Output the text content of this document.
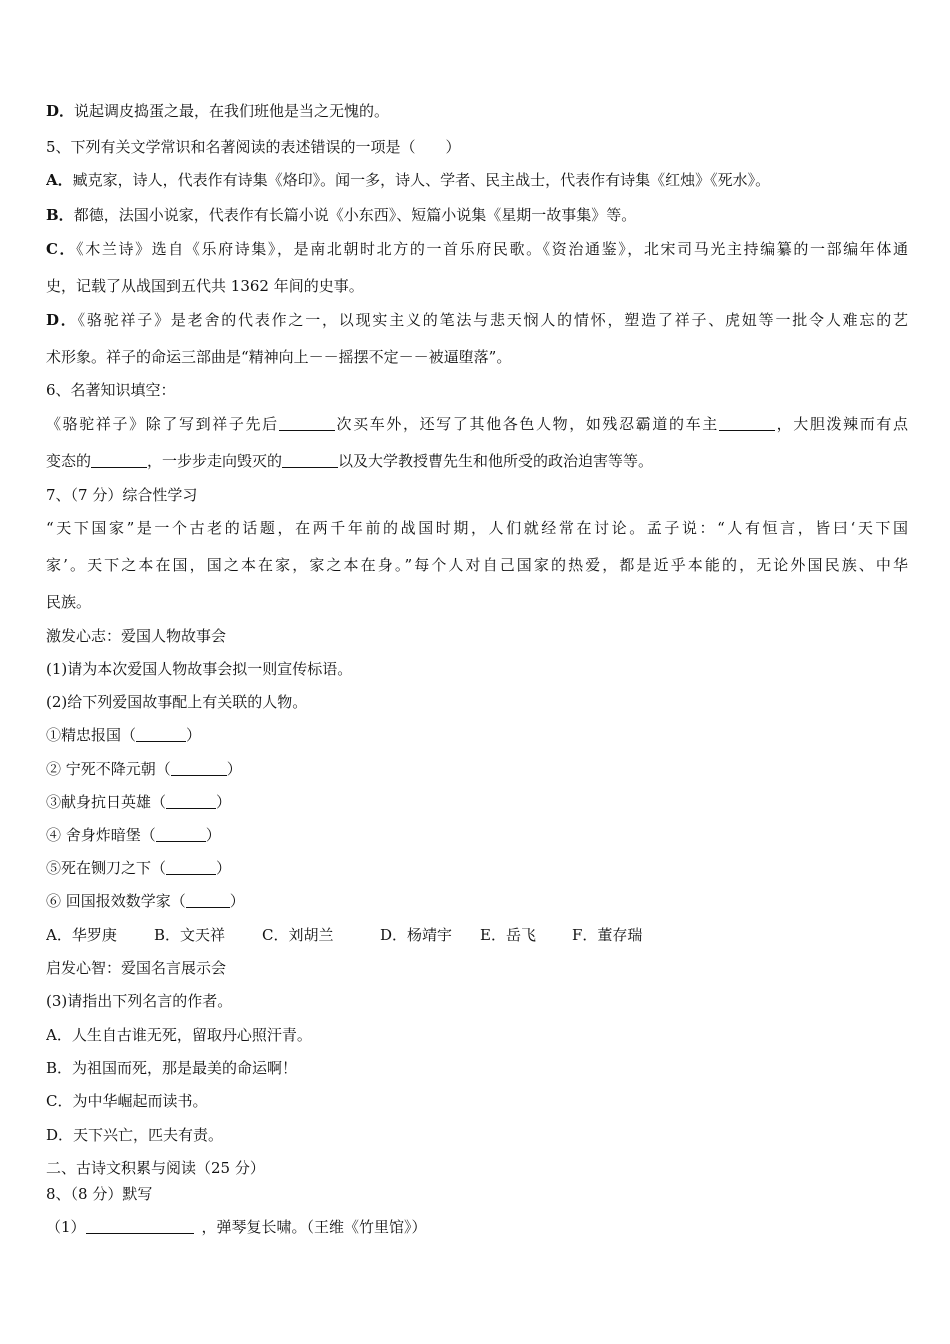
D．说起调皮捣蛋之最，在我们班他是当之无愧的。
5、下列有关文学常识和名著阅读的表述错误的一项是（　　）
A．臧克家，诗人，代表作有诗集《烙印》。闻一多，诗人、学者、民主战士，代表作有诗集《红烛》《死水》。
B．都德，法国小说家，代表作有长篇小说《小东西》、短篇小说集《星期一故事集》等。
C．《木兰诗》选自《乐府诗集》，是南北朝时北方的一首乐府民歌。《资治通鉴》，北宋司马光主持编纂的一部编年体通
史，记载了从战国到五代共 1362 年间的史事。
D．《骆驼祥子》是老舍的代表作之一，以现实主义的笔法与悲天悯人的情怀，塑造了祥子、虎妞等一批令人难忘的艺
术形象。祥子的命运三部曲是“精神向上－－摇摆不定－－被逼堕落”。
6、名著知识填空：
《骆驼祥子》除了写到祥子先后	次买车外，还写了其他各色人物，如残忍霸道的车主	，大胆泼辣而有点
变态的	，一步步走向毁灭的	以及大学教授曹先生和他所受的政治迫害等等。
7、（7 分）综合性学习
“天下国家”是一个古老的话题，在两千年前的战国时期，人们就经常在讨论。孟子说：“人有恒言，皆曰‘天下国
家’。天下之本在国，国之本在家，家之本在身。”每个人对自己国家的热爱，都是近乎本能的，无论外国民族、中华
民族。
激发心志：爱国人物故事会
(1)请为本次爱国人物故事会拟一则宣传标语。
(2)给下列爱国故事配上有关联的人物。
①精忠报国（	）
② 宁死不降元朝（	）
③献身抗日英雄（	）
④ 舍身炸暗堡（	）
⑤死在铡刀之下（	）
⑥ 回国报效数学家（	）
A．华罗庚 B．文天祥 C．刘胡兰	D．杨靖宇 E．岳飞 F．董存瑞
启发心智：爱国名言展示会
(3)请指出下列名言的作者。
A．人生自古谁无死，留取丹心照汗青。
B．为祖国而死，那是最美的命运啊！
C．为中华崛起而读书。
D．天下兴亡，匹夫有责。
二、古诗文积累与阅读（25 分）
8、（8 分）默写
（1）	，弹琴复长啸。（王维《竹里馆》）
